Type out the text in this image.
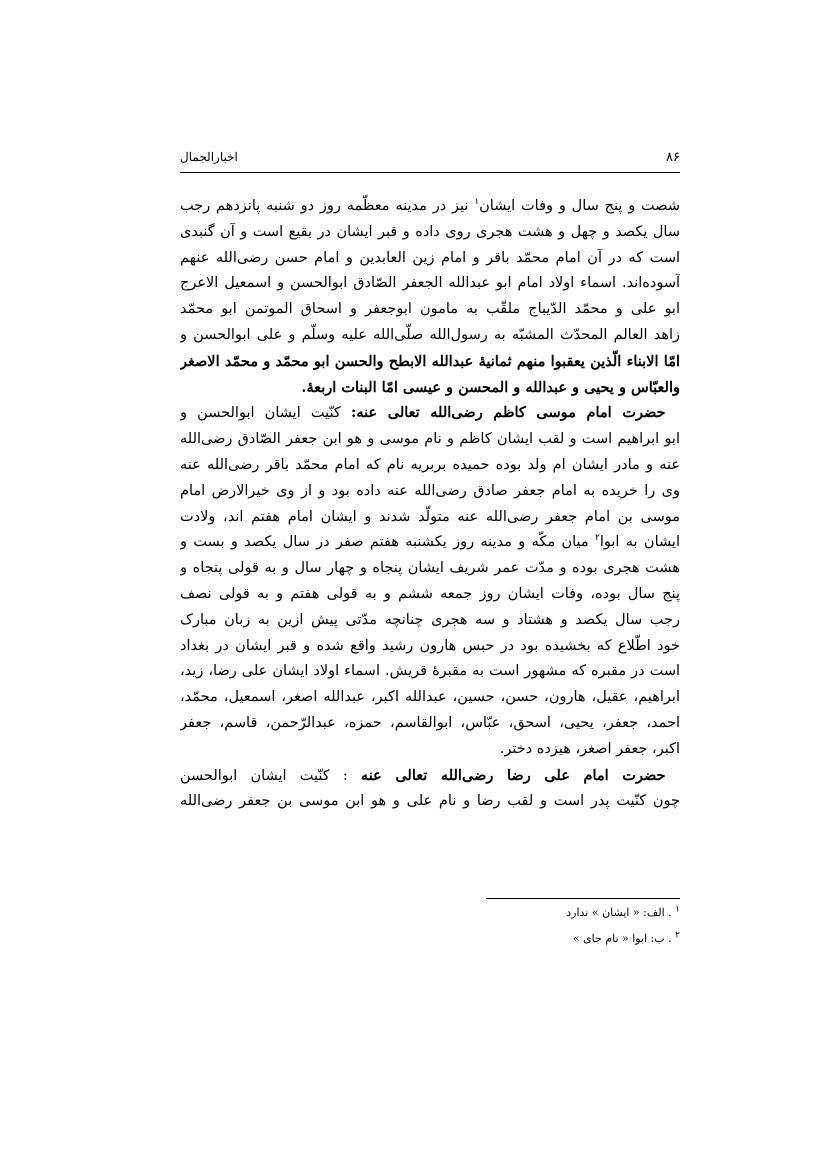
۸۶
اخبارالجمال
شصت و پنج سال و وفات ایشان$^۱$ نیز در مدینه معظّمه روز دو شنبه پانزدهم رجب
سال یکصد و چهل و هشت هجری روی داده و قبر ایشان در بقیع است و آن گنبدی
است که در آن امام محمّد باقر و امام زین العابدین و امام حسن رضی‌الله عنهم
آسوده‌اند. اسماء اولاد امام ابو عبدالله الجعفر الصّادق ابوالحسن و اسمعیل الاعرج
ابو علی و محمّد الدّیباج ملقّب به مامون ابوجعفر و اسحاق الموتمن ابو محمّد
زاهد العالم المحدّث المشبّه به رسول‌الله صلّی‌الله علیه وسلّم و علی ابوالحسن و
امّا الابناء الّذین یعقبوا منهم ثمانیهٔ عبدالله الابطح والحسن ابو محمّد و محمّد الاصغر
والعبّاس و یحیی و عبدالله و المحسن و عیسی امّا البنات اربعهٔ.
 حضرت امام موسی کاظم رضی‌الله تعالی عنه: کنّیت ایشان ابوالحسن و
ابو ابراهیم است و لقب ایشان کاظم و نام موسی و هو ابن جعفر الصّادق رضی‌الله
عنه و مادر ایشان ام ولد بوده حمیده بربریه نام که امام محمّد باقر رضی‌الله عنه
وی را خریده به امام جعفر صادق رضی‌الله عنه داده بود و از وی خیرالارض امام
موسی بن امام جعفر رضی‌الله عنه متولّد شدند و ایشان امام هفتم اند، ولادت
ایشان به ابوا$^۲$ میان مکّه و مدینه روز یکشنبه هفتم صفر در سال یکصد و بست و
هشت هجری بوده و مدّت عمر شریف ایشان پنجاه و چهار سال و به قولی پنجاه و
پنج سال بوده، وفات ایشان روز جمعه ششم و به قولی هفتم و به قولی نصف
رجب سال یکصد و هشتاد و سه هجری چنانچه مدّتی پیش ازین به زبان مبارک
خود اطّلاع که بخشیده بود در حبس هارون رشید واقع شده و قبر ایشان در بغداد
است در مقبره که مشهور است به مقبرهٔ قریش. اسماء اولاد ایشان علی رضا، زید،
ابراهیم، عقیل، هارون، حسن، حسین، عبدالله اکبر، عبدالله اصغر، اسمعیل، محمّد،
احمد، جعفر، یحیی، اسحق، عبّاس، ابوالقاسم، حمزه، عبدالرّحمن، قاسم، جعفر
اکبر، جعفر اصغر، هیزده دختر.
 حضرت امام علی رضا رضی‌الله تعالی عنه : کنّیت ایشان ابوالحسن
چون کنّیت پدر است و لقب رضا و نام علی و هو ابن موسی بن جعفر رضی‌الله
$^۱$ . الف: « ایشان » ندارد
$^۲$ . ب: ابوا « نام جای »
